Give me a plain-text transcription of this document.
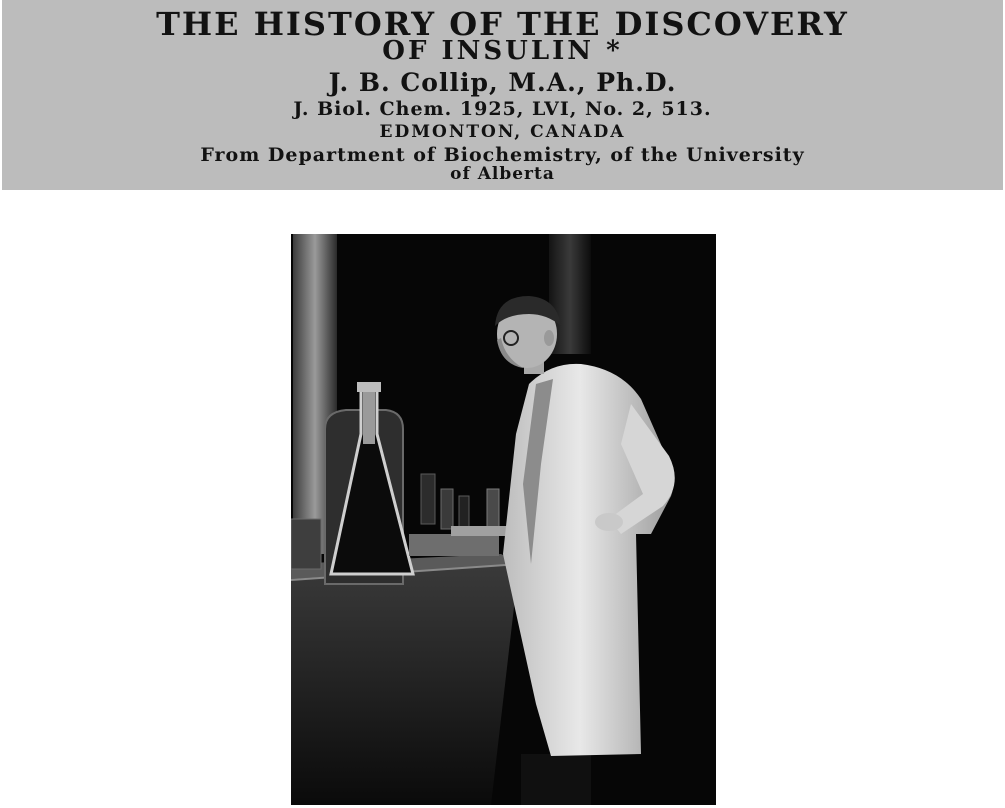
THE HISTORY OF THE DISCOVERY
OF INSULIN *
J. B. Collip, M.A., Ph.D.
J. Biol. Chem. 1925, LVI, No. 2, 513.
EDMONTON, CANADA
From Department of Biochemistry, of the University
of Alberta
